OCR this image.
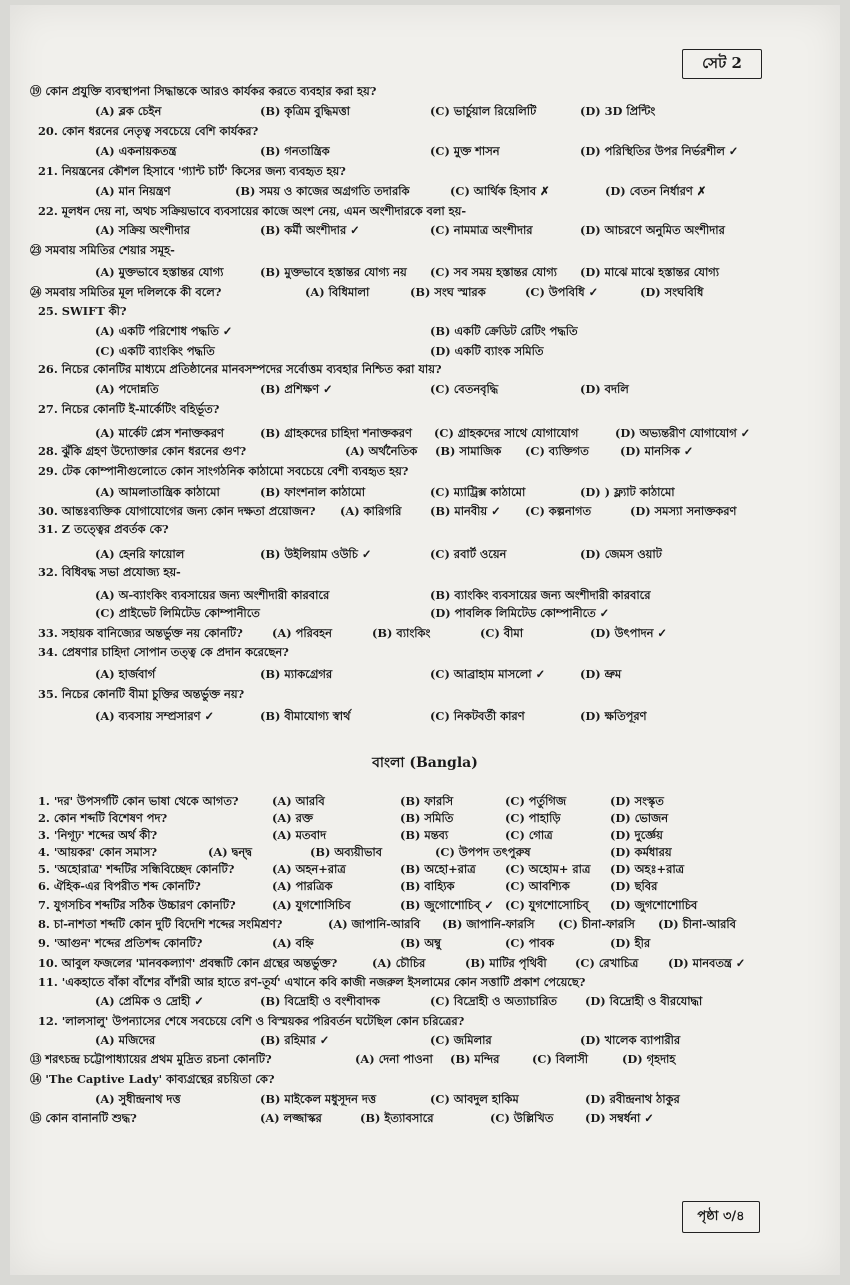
সেট 2
⑲ কোন প্রযুক্তি ব্যবস্থাপনা সিদ্ধান্তকে আরও কার্যকর করতে ব্যবহার করা হয়?
(A) ব্লক চেইন	(B) কৃত্রিম বুদ্ধিমত্তা	(C) ভার্চুয়াল রিয়েলিটি	(D) 3D প্রিন্টিং
20. কোন ধরনের নেতৃত্ব সবচেয়ে বেশি কার্যকর?
(A) একনায়কতন্ত্র	(B) গনতান্ত্রিক	(C) মুক্ত শাসন	(D) পরিস্থিতির উপর নির্ভরশীল ✓
21. নিয়ন্ত্রনের কৌশল হিসাবে 'গ্যান্ট চার্ট' কিসের জন্য ব্যবহৃত হয়?
(A) মান নিয়ন্ত্রণ	(B) সময় ও কাজের অগ্রগতি তদারকি	(C) আর্থিক হিসাব ✗	(D) বেতন নির্ধারণ ✗
22. মূলধন দেয় না, অথচ সক্রিয়ভাবে ব্যবসায়ের কাজে অংশ নেয়, এমন অংশীদারকে বলা হয়-
(A) সক্রিয় অংশীদার	(B) কর্মী অংশীদার ✓	(C) নামমাত্র অংশীদার	(D) আচরণে অনুমিত অংশীদার
㉓ সমবায় সমিতির শেয়ার সমূহ-
(A) মুক্তভাবে হস্তান্তর যোগ্য	(B) মুক্তভাবে হস্তান্তর যোগ্য নয় (C) সব সময় হস্তান্তর যোগ্য (D) মাঝে মাঝে হস্তান্তর যোগ্য
㉔ সমবায় সমিতির মূল দলিলকে কী বলে?	(A) বিধিমালা	(B) সংঘ স্মারক	(C) উপবিধি ✓	(D) সংঘবিধি
25. SWIFT কী?
(A) একটি পরিশোধ পদ্ধতি ✓	(B) একটি ক্রেডিট রেটিং পদ্ধতি
(C) একটি ব্যাংকিং পদ্ধতি	(D) একটি ব্যাংক সমিতি
26. নিচের কোনটির মাধ্যমে প্রতিষ্ঠানের মানবসম্পদের সর্বোত্তম ব্যবহার নিশ্চিত করা যায়?
(A) পদোন্নতি	(B) প্রশিক্ষণ ✓	(C) বেতনবৃদ্ধি	(D) বদলি
27. নিচের কোনটি ই-মার্কেটিং বহির্ভূত?
(A) মার্কেট প্লেস শনাক্তকরণ	(B) গ্রাহকদের চাহিদা শনাক্তকরণ (C) গ্রাহকদের সাথে যোগাযোগ	(D) অভ্যন্তরীণ যোগাযোগ ✓
28. ঝুঁকি গ্রহণ উদ্যোক্তার কোন ধরনের গুণ?	(A) অর্থনৈতিক (B) সামাজিক (C) ব্যক্তিগত	(D) মানসিক ✓
29. টেক কোম্পানীগুলোতে কোন সাংগঠনিক কাঠামো সবচেয়ে বেশী ব্যবহৃত হয়?
(A) আমলাতান্ত্রিক কাঠামো	(B) ফাংশনাল কাঠামো	(C) ম্যাট্রিক্স কাঠামো	(D) ) ফ্ল্যাট কাঠামো
30. আন্তঃব্যক্তিক যোগাযোগের জন্য কোন দক্ষতা প্রয়োজন? (A) কারিগরি	(B) মানবীয় ✓ (C) কল্পনাগত	(D) সমস্যা সনাক্তকরণ
31. Z তত্ত্বের প্রবর্তক কে?
(A) হেনরি ফায়োল	(B) উইলিয়াম ওউচি ✓	(C) রবার্ট ওয়েন	(D) জেমস ওয়াট
32. বিধিবদ্ধ সভা প্রযোজ্য হয়-
(A) অ-ব্যাংকিং ব্যবসায়ের জন্য অংশীদারী কারবারে	(B) ব্যাংকিং ব্যবসায়ের জন্য অংশীদারী কারবারে
(C) প্রাইভেট লিমিটেড কোম্পানীতে	(D) পাবলিক লিমিটেড কোম্পানীতে ✓
33. সহায়ক বানিজ্যের অন্তর্ভুক্ত নয় কোনটি?	(A) পরিবহন	(B) ব্যাংকিং	(C) বীমা	(D) উৎপাদন ✓
34. প্রেষণার চাহিদা সোপান তত্ত্ব কে প্রদান করেছেন?
(A) হার্জবার্গ	(B) ম্যাকগ্রেগর	(C) আব্রাহাম মাসলো ✓	(D) ভ্রুম
35. নিচের কোনটি বীমা চুক্তির অন্তর্ভুক্ত নয়?
(A) ব্যবসায় সম্প্রসারণ ✓	(B) বীমাযোগ্য স্বার্থ	(C) নিকটবর্তী কারণ	(D) ক্ষতিপূরণ
1. 'দর' উপসর্গটি কোন ভাষা থেকে আগত?	(A) আরবি	(B) ফারসি	(C) পর্তুগিজ	(D) সংস্কৃত
2. কোন শব্দটি বিশেষণ পদ?	(A) রক্ত	(B) সমিতি	(C) পাহাড়ি	(D) ভোজন
3. 'নিগূঢ়' শব্দের অর্থ কী?	(A) মতবাদ	(B) মন্তব্য	(C) গোত্র	(D) দুর্জ্ঞেয়
4. 'আয়কর' কোন সমাস?	(A) দ্বন্দ্ব	(B) অব্যয়ীভাব	(C) উপপদ তৎপুরুষ	(D) কর্মধারয়
5. 'অহোরাত্র' শব্দটির সন্ধিবিচ্ছেদ কোনটি?	(A) অহন+রাত্র	(B) অহো+রাত্র	(C) অহোম+ রাত্র (D) অহঃ+রাত্র
6. ঐহিক-এর বিপরীত শব্দ কোনটি?	(A) পারত্রিক	(B) বাহ্যিক	(C) আবশ্যিক	(D) ছবির
7. যুগসচিব শব্দটির সঠিক উচ্চারণ কোনটি?	(A) যুগশোসিচিব	(B) জুগোশোচিব্ ✓ (C) যুগশোসোচিব্ (D) জুগশোশোচিব
8. চা-নাশতা শব্দটি কোন দুটি বিদেশি শব্দের সংমিশ্রণ?	(A) জাপানি-আরবি (B) জাপানি-ফারসি (C) চীনা-ফারসি (D) চীনা-আরবি
9. 'আগুন' শব্দের প্রতিশব্দ কোনটি?	(A) বহ্নি	(B) অম্বু	(C) পাবক	(D) হীর
10. আবুল ফজলের 'মানবকল্যাণ' প্রবন্ধটি কোন গ্রন্থের অন্তর্ভুক্ত?	(A) চৌচির	(B) মাটির পৃথিবী (C) রেখাচিত্র	(D) মানবতন্ত্র ✓
11. 'একহাতে বাঁকা বাঁশের বাঁশরী আর হাতে রণ-তূর্য' এখানে কবি কাজী নজরুল ইসলামের কোন সত্তাটি প্রকাশ পেয়েছে?
(A) প্রেমিক ও দ্রোহী ✓	(B) বিদ্রোহী ও বংশীবাদক	(C) বিদ্রোহী ও অত্যাচারিত (D) বিদ্রোহী ও বীরযোদ্ধা
12. 'লালসালু' উপন্যাসের শেষে সবচেয়ে বেশি ও বিস্ময়কর পরিবর্তন ঘটেছিল কোন চরিত্রের?
(A) মজিদের	(B) রহিমার ✓	(C) জমিলার	(D) খালেক ব্যাপারীর
⑬ শরৎচন্দ্র চট্টোপাধ্যায়ের প্রথম মুদ্রিত রচনা কোনটি?	(A) দেনা পাওনা (B) মন্দির	(C) বিলাসী	(D) গৃহদাহ
⑭ 'The Captive Lady' কাব্যগ্রন্থের রচয়িতা কে?
(A) সুধীন্দ্রনাথ দত্ত	(B) মাইকেল মধুসূদন দত্ত	(C) আবদুল হাকিম	(D) রবীন্দ্রনাথ ঠাকুর
⑮ কোন বানানটি শুদ্ধ?	(A) লজ্জাস্কর	(B) ইত্যাবসারে	(C) উল্লিখিত	(D) সম্বর্ধনা ✓
বাংলা (Bangla)
পৃষ্ঠা ৩/৪
